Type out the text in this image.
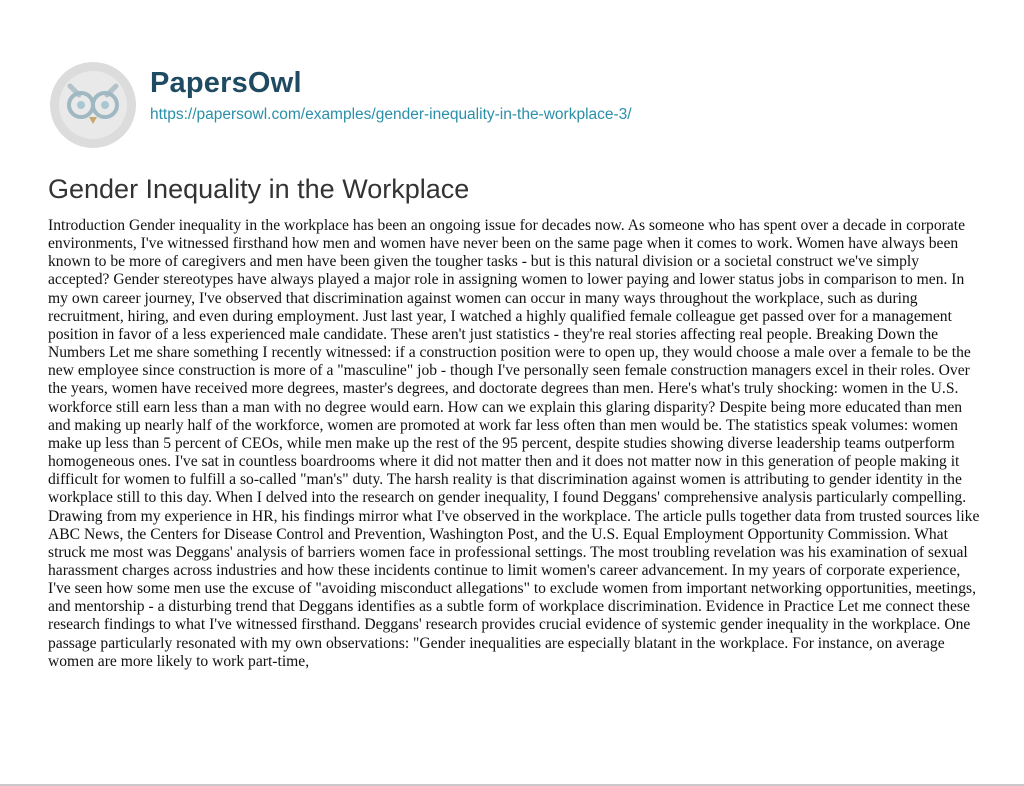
PapersOwl
https://papersowl.com/examples/gender-inequality-in-the-workplace-3/
Gender Inequality in the Workplace

Introduction Gender inequality in the workplace has been an ongoing issue for decades now. As someone who has spent over a decade in corporate environments, I've witnessed firsthand how men and women have never been on the same page when it comes to work. Women have always been known to be more of caregivers and men have been given the tougher tasks - but is this natural division or a societal construct we've simply accepted? Gender stereotypes have always played a major role in assigning women to lower paying and lower status jobs in comparison to men. In my own career journey, I've observed that discrimination against women can occur in many ways throughout the workplace, such as during recruitment, hiring, and even during employment. Just last year, I watched a highly qualified female colleague get passed over for a management position in favor of a less experienced male candidate. These aren't just statistics - they're real stories affecting real people. Breaking Down the Numbers Let me share something I recently witnessed: if a construction position were to open up, they would choose a male over a female to be the new employee since construction is more of a "masculine" job - though I've personally seen female construction managers excel in their roles. Over the years, women have received more degrees, master's degrees, and doctorate degrees than men. Here's what's truly shocking: women in the U.S. workforce still earn less than a man with no degree would earn. How can we explain this glaring disparity? Despite being more educated than men and making up nearly half of the workforce, women are promoted at work far less often than men would be. The statistics speak volumes: women make up less than 5 percent of CEOs, while men make up the rest of the 95 percent, despite studies showing diverse leadership teams outperform homogeneous ones. I've sat in countless boardrooms where it did not matter then and it does not matter now in this generation of people making it difficult for women to fulfill a so-called "man's" duty. The harsh reality is that discrimination against women is attributing to gender identity in the workplace still to this day. When I delved into the research on gender inequality, I found Deggans' comprehensive analysis particularly compelling. Drawing from my experience in HR, his findings mirror what I've observed in the workplace. The article pulls together data from trusted sources like ABC News, the Centers for Disease Control and Prevention, Washington Post, and the U.S. Equal Employment Opportunity Commission. What struck me most was Deggans' analysis of barriers women face in professional settings. The most troubling revelation was his examination of sexual harassment charges across industries and how these incidents continue to limit women's career advancement. In my years of corporate experience, I've seen how some men use the excuse of "avoiding misconduct allegations" to exclude women from important networking opportunities, meetings, and mentorship - a disturbing trend that Deggans identifies as a subtle form of workplace discrimination. Evidence in Practice Let me connect these research findings to what I've witnessed firsthand. Deggans' research provides crucial evidence of systemic gender inequality in the workplace. One passage particularly resonated with my own observations: "Gender inequalities are especially blatant in the workplace. For instance, on average women are more likely to work part-time,
